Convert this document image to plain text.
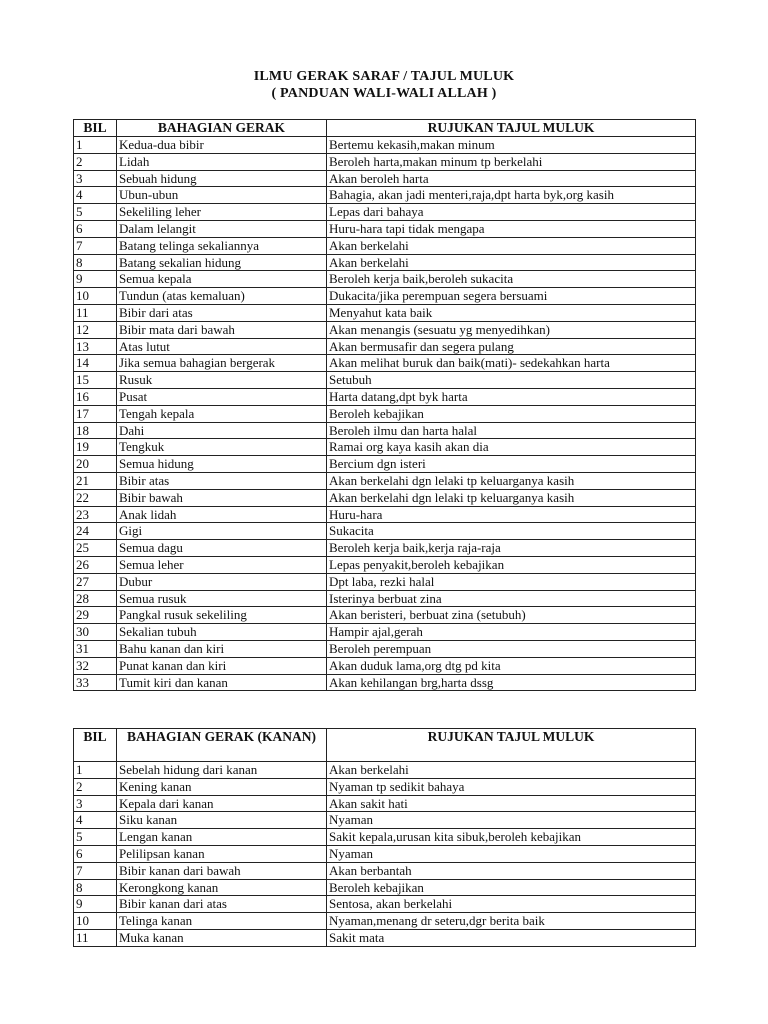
ILMU GERAK SARAF / TAJUL MULUK
( PANDUAN WALI-WALI ALLAH )
BIL	BAHAGIAN GERAK	RUJUKAN TAJUL MULUK
1	Kedua-dua bibir	Bertemu kekasih,makan minum
2	Lidah	Beroleh harta,makan minum tp berkelahi
3	Sebuah hidung	Akan beroleh harta
4	Ubun-ubun	Bahagia, akan jadi menteri,raja,dpt harta byk,org kasih
5	Sekeliling leher	Lepas dari bahaya
6	Dalam lelangit	Huru-hara tapi tidak mengapa
7	Batang telinga sekaliannya	Akan berkelahi
8	Batang sekalian hidung	Akan berkelahi
9	Semua kepala	Beroleh kerja baik,beroleh sukacita
10	Tundun (atas kemaluan)	Dukacita/jika perempuan segera bersuami
11	Bibir dari atas	Menyahut kata baik
12	Bibir mata dari bawah	Akan menangis (sesuatu yg menyedihkan)
13	Atas lutut	Akan bermusafir dan segera pulang
14	Jika semua bahagian bergerak	Akan melihat buruk dan baik(mati)- sedekahkan harta
15	Rusuk	Setubuh
16	Pusat	Harta datang,dpt byk harta
17	Tengah kepala	Beroleh kebajikan
18	Dahi	Beroleh ilmu dan harta halal
19	Tengkuk	Ramai org kaya kasih akan dia
20	Semua hidung	Bercium dgn isteri
21	Bibir atas	Akan berkelahi dgn lelaki tp keluarganya kasih
22	Bibir bawah	Akan berkelahi dgn lelaki tp keluarganya kasih
23	Anak lidah	Huru-hara
24	Gigi	Sukacita
25	Semua dagu	Beroleh kerja baik,kerja raja-raja
26	Semua leher	Lepas penyakit,beroleh kebajikan
27	Dubur	Dpt laba, rezki halal
28	Semua rusuk	Isterinya berbuat zina
29	Pangkal rusuk sekeliling	Akan beristeri, berbuat zina (setubuh)
30	Sekalian tubuh	Hampir ajal,gerah
31	Bahu kanan dan kiri	Beroleh perempuan
32	Punat kanan dan kiri	Akan duduk lama,org dtg pd kita
33	Tumit kiri dan kanan	Akan kehilangan brg,harta dssg
BIL	BAHAGIAN GERAK (KANAN)	RUJUKAN TAJUL MULUK
1	Sebelah hidung dari kanan	Akan berkelahi
2	Kening kanan	Nyaman tp sedikit bahaya
3	Kepala dari kanan	Akan sakit hati
4	Siku kanan	Nyaman
5	Lengan kanan	Sakit kepala,urusan kita sibuk,beroleh kebajikan
6	Pelilipsan kanan	Nyaman
7	Bibir kanan dari bawah	Akan berbantah
8	Kerongkong kanan	Beroleh kebajikan
9	Bibir kanan dari atas	Sentosa, akan berkelahi
10	Telinga kanan	Nyaman,menang dr seteru,dgr berita baik
11	Muka kanan	Sakit mata
